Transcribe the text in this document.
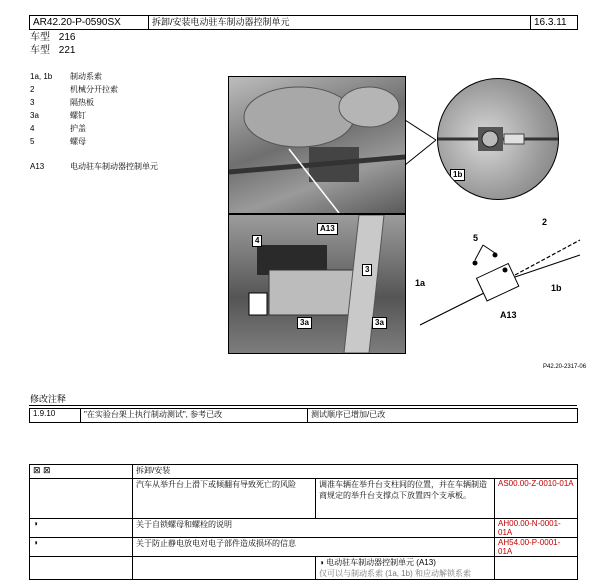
AR42.20-P-0590SX	拆卸/安装电动驻车制动器控制单元	16.3.11
车型 216
车型 221
1a, 1b 制动系索
2	机械分开拉索
3	隔热板
3a	螺钉
4	护盖
5	螺母
A13	电动驻车制动器控制单元
A13
4
3
3a	3a
1b
2
5
1a	1b
A13
P42.20-2317-06
修改注释
1.9.10	"在实验台架上执行制动测试", 参考已改	测试顺序已增加/已改
⊠ ⊠	拆卸/安装		
	汽车从举升台上滑下或倾翻有导致死亡的风险	调准车辆在举升台支柱间的位置，并在车辆制造商规定的举升台支撑点下放置四个支承板。	AS00.00-Z-0010-01A
◑	关于自锁螺母和螺栓的说明		AH00.00-N-0001-01A
◑	关于防止静电放电对电子部件造成损坏的信息		AH54.00-P-0001-01A
		◑ 电动驻车制动器控制单元 (A13)
仅可以与制动系索 (1a, 1b) 和应动解锁系索	
